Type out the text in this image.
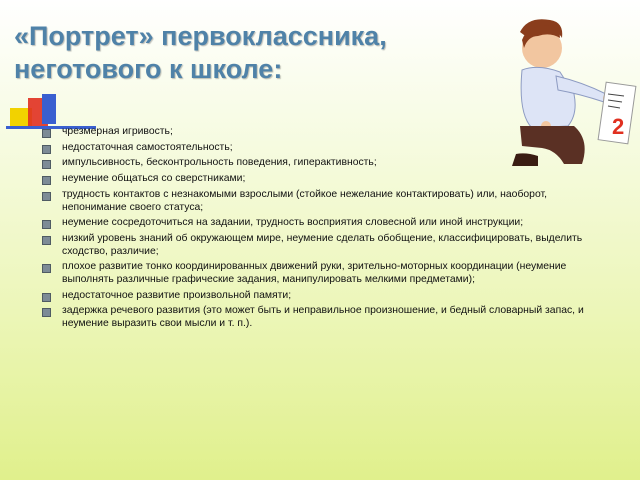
«Портрет» первоклассника,
неготового к школе:
2
чрезмерная игривость;
недостаточная самостоятельность;
импульсивность, бесконтрольность поведения, гиперактивность;
неумение общаться со сверстниками;
трудность контактов с незнакомыми взрослыми (стойкое нежелание контактировать) или, наоборот, непонимание своего статуса;
неумение сосредоточиться на задании, трудность восприятия словесной или иной инструкции;
низкий уровень знаний об окружающем мире, неумение сделать обобщение, классифицировать, выделить сходство, различие;
плохое развитие тонко координированных движений руки, зрительно-моторных координации (неумение выполнять различные графические задания, манипулировать мелкими предметами);
недостаточное развитие произвольной памяти;
задержка речевого развития (это может быть и неправильное произношение, и бедный словарный запас, и неумение выразить свои мысли и т. п.).
